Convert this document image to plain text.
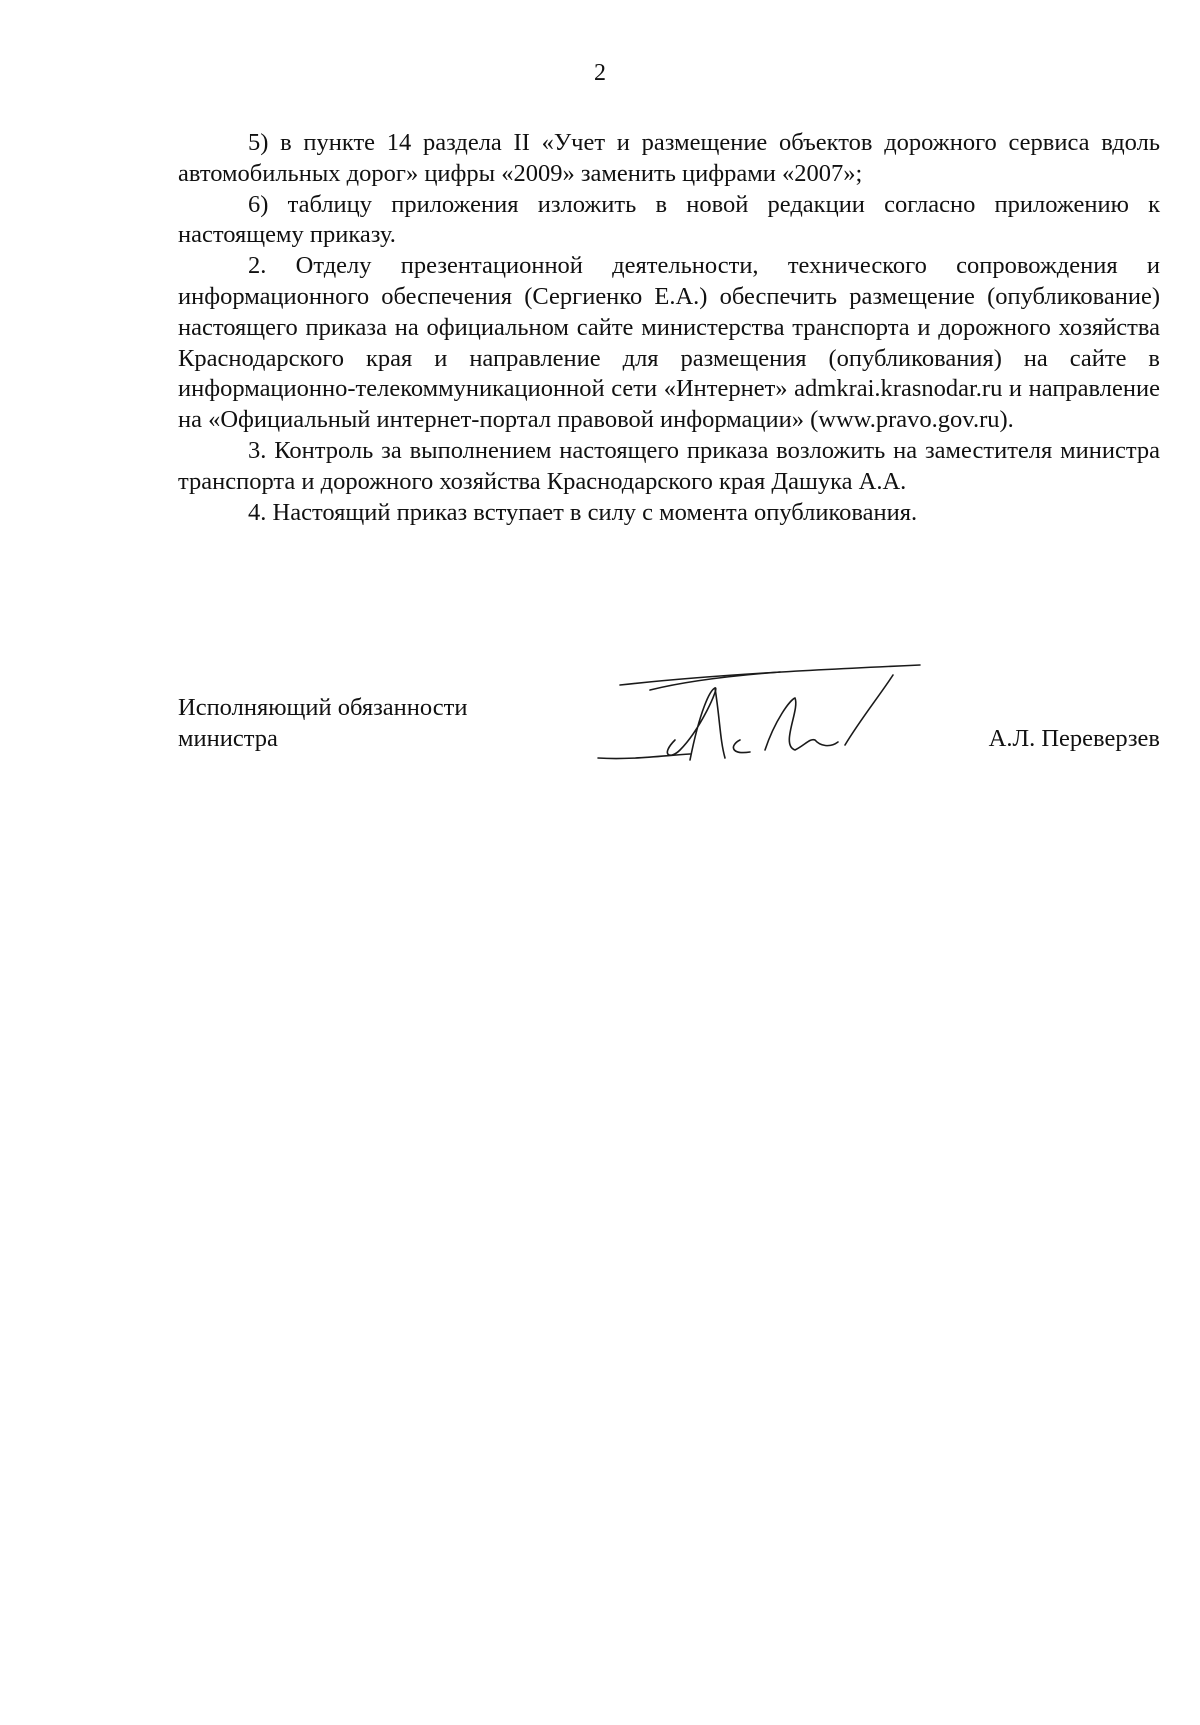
2

5) в пункте 14 раздела II «Учет и размещение объектов дорожного сервиса вдоль автомобильных дорог» цифры «2009» заменить цифрами «2007»;

6) таблицу приложения изложить в новой редакции согласно приложению к настоящему приказу.

2. Отделу презентационной деятельности, технического сопровождения и информационного обеспечения (Сергиенко Е.А.) обеспечить размещение (опубликование) настоящего приказа на официальном сайте министерства транспорта и дорожного хозяйства Краснодарского края и направление для размещения (опубликования) на сайте в информационно-телекоммуникационной сети «Интернет» admkrai.krasnodar.ru и направление на «Официальный интернет-портал правовой информации» (www.pravo.gov.ru).

3. Контроль за выполнением настоящего приказа возложить на заместителя министра транспорта и дорожного хозяйства Краснодарского края Дашука А.А.

4. Настоящий приказ вступает в силу с момента опубликования.

Исполняющий обязанности
министра	А.Л. Переверзев
